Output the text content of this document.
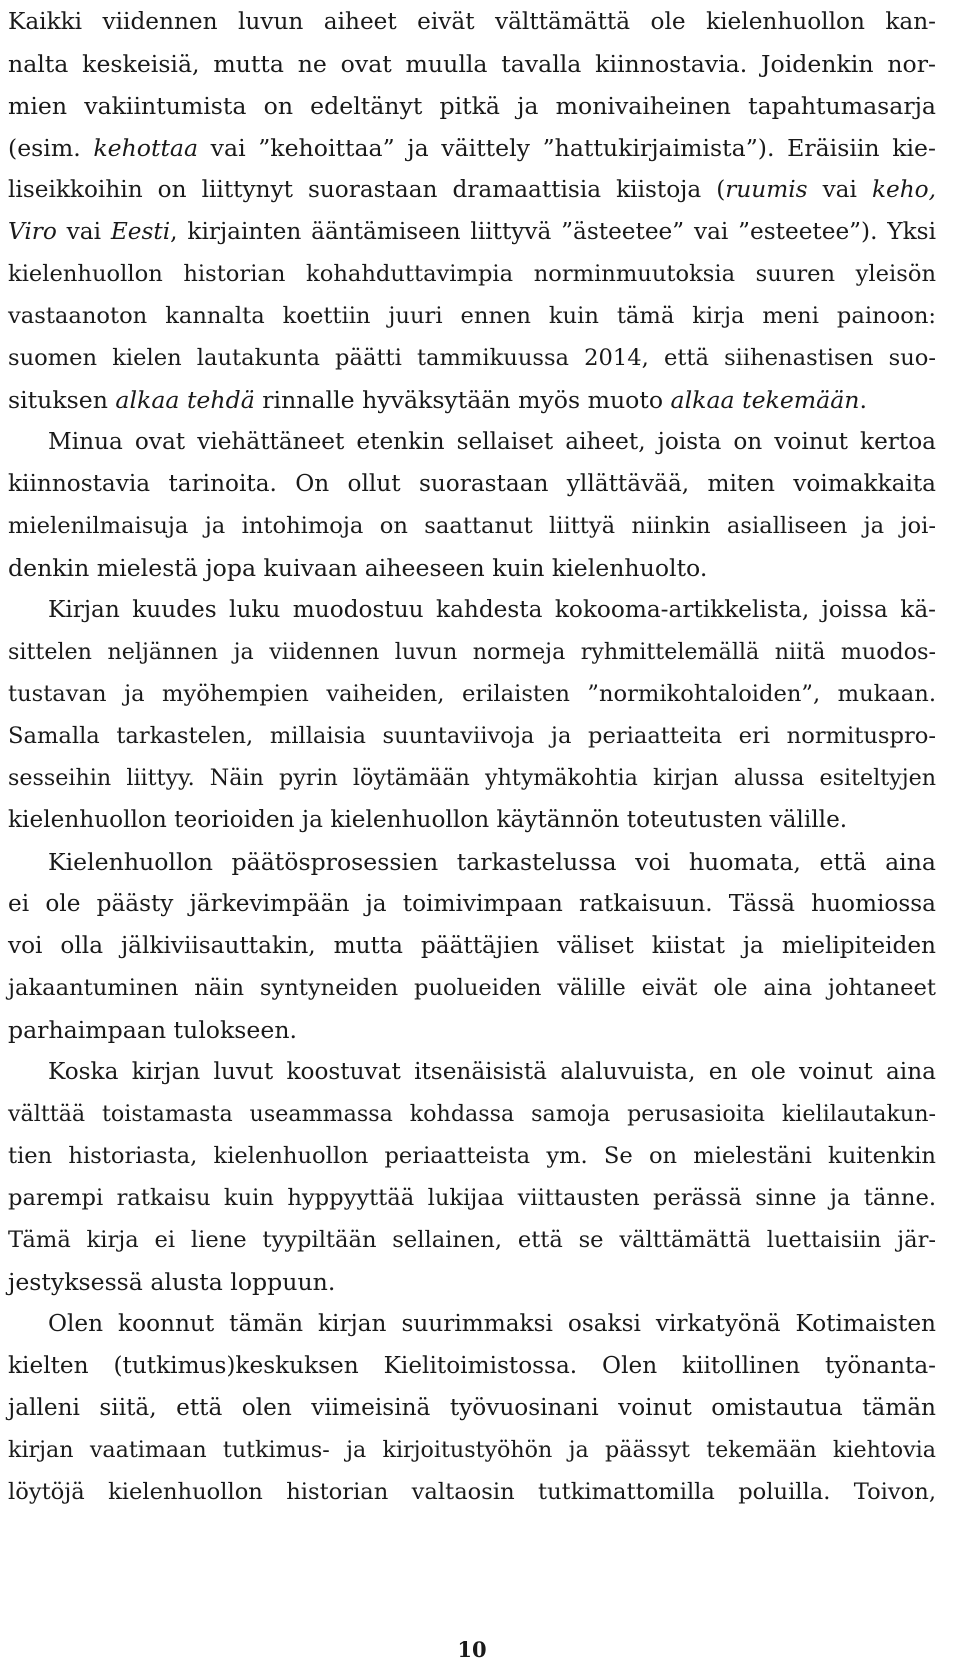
Kaikki viidennen luvun aiheet eivät välttämättä ole kielenhuollon kan-
nalta keskeisiä, mutta ne ovat muulla tavalla kiinnostavia. Joidenkin nor-
mien vakiintumista on edeltänyt pitkä ja monivaiheinen tapahtumasarja
(esim. kehottaa vai ”kehoittaa” ja väittely ”hattukirjaimista”). Eräisiin kie-
liseikkoihin on liittynyt suorastaan dramaattisia kiistoja (ruumis vai keho,
Viro vai Eesti, kirjainten ääntämiseen liittyvä ”ästeetee” vai ”esteetee”). Yksi
kielenhuollon historian kohahduttavimpia norminmuutoksia suuren yleisön
vastaanoton kannalta koettiin juuri ennen kuin tämä kirja meni painoon:
suomen kielen lautakunta päätti tammikuussa 2014, että siihenastisen suo-
situksen alkaa tehdä rinnalle hyväksytään myös muoto alkaa tekemään.
Minua ovat viehättäneet etenkin sellaiset aiheet, joista on voinut kertoa
kiinnostavia tarinoita. On ollut suorastaan yllättävää, miten voimakkaita
mielenilmaisuja ja intohimoja on saattanut liittyä niinkin asialliseen ja joi-
denkin mielestä jopa kuivaan aiheeseen kuin kielenhuolto.
Kirjan kuudes luku muodostuu kahdesta kokooma-artikkelista, joissa kä-
sittelen neljännen ja viidennen luvun normeja ryhmittelemällä niitä muodos-
tustavan ja myöhempien vaiheiden, erilaisten ”normikohtaloiden”, mukaan.
Samalla tarkastelen, millaisia suuntaviivoja ja periaatteita eri normituspro-
sesseihin liittyy. Näin pyrin löytämään yhtymäkohtia kirjan alussa esiteltyjen
kielenhuollon teorioiden ja kielenhuollon käytännön toteutusten välille.
Kielenhuollon päätösprosessien tarkastelussa voi huomata, että aina
ei ole päästy järkevimpään ja toimivimpaan ratkaisuun. Tässä huomiossa
voi olla jälkiviisauttakin, mutta päättäjien väliset kiistat ja mielipiteiden
jakaantuminen näin syntyneiden puolueiden välille eivät ole aina johtaneet
parhaimpaan tulokseen.
Koska kirjan luvut koostuvat itsenäisistä alaluvuista, en ole voinut aina
välttää toistamasta useammassa kohdassa samoja perusasioita kielilautakun-
tien historiasta, kielenhuollon periaatteista ym. Se on mielestäni kuitenkin
parempi ratkaisu kuin hyppyyttää lukijaa viittausten perässä sinne ja tänne.
Tämä kirja ei liene tyypiltään sellainen, että se välttämättä luettaisiin jär-
jestyksessä alusta loppuun.
Olen koonnut tämän kirjan suurimmaksi osaksi virkatyönä Kotimaisten
kielten (tutkimus)keskuksen Kielitoimistossa. Olen kiitollinen työnanta-
jalleni siitä, että olen viimeisinä työvuosinani voinut omistautua tämän
kirjan vaatimaan tutkimus- ja kirjoitustyöhön ja päässyt tekemään kiehtovia
löytöjä kielenhuollon historian valtaosin tutkimattomilla poluilla. Toivon,
10
